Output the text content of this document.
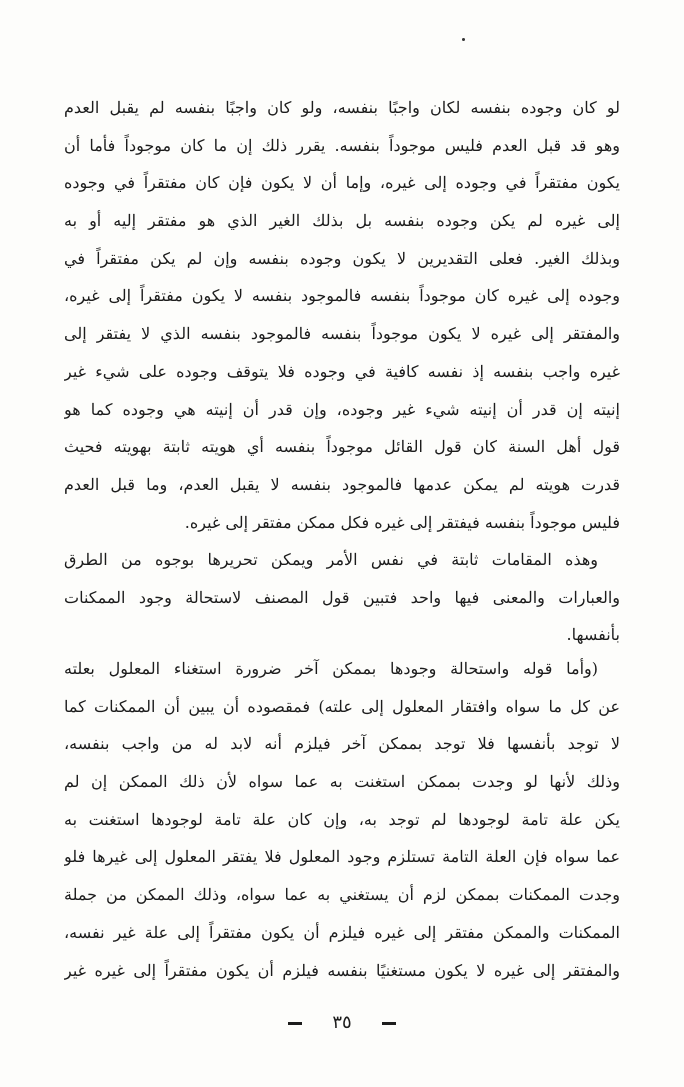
لو كان وجوده بنفسه لكان واجبًا بنفسه، ولو كان واجبًا بنفسه لم يقبل العدم
وهو قد قبل العدم فليس موجوداً بنفسه. يقرر ذلك إن ما كان موجوداً فأما أن
يكون مفتقراً في وجوده إلى غيره، وإما أن لا يكون فإن كان مفتقراً في وجوده
إلى غيره لم يكن وجوده بنفسه بل بذلك الغير الذي هو مفتقر إليه أو به
وبذلك الغير. فعلى التقديرين لا يكون وجوده بنفسه وإن لم يكن مفتقراً في
وجوده إلى غيره كان موجوداً بنفسه فالموجود بنفسه لا يكون مفتقراً إلى غيره،
والمفتقر إلى غيره لا يكون موجوداً بنفسه فالموجود بنفسه الذي لا يفتقر إلى
غيره واجب بنفسه إذ نفسه كافية في وجوده فلا يتوقف وجوده على شيء غير
إنيته إن قدر أن إنيته شيء غير وجوده، وإن قدر أن إنيته هي وجوده كما هو
قول أهل السنة كان قول القائل موجوداً بنفسه أي هويته ثابتة بهويته فحيث
قدرت هويته لم يمكن عدمها فالموجود بنفسه لا يقبل العدم، وما قبل العدم
فليس موجوداً بنفسه فيفتقر إلى غيره فكل ممكن مفتقر إلى غيره.
وهذه المقامات ثابتة في نفس الأمر ويمكن تحريرها بوجوه من الطرق
والعبارات والمعنى فيها واحد فتبين قول المصنف لاستحالة وجود الممكنات
بأنفسها.
(وأما قوله واستحالة وجودها بممكن آخر ضرورة استغناء المعلول بعلته
عن كل ما سواه وافتقار المعلول إلى علته) فمقصوده أن يبين أن الممكنات كما
لا توجد بأنفسها فلا توجد بممكن آخر فيلزم أنه لابد له من واجب بنفسه،
وذلك لأنها لو وجدت بممكن استغنت به عما سواه لأن ذلك الممكن إن لم
يكن علة تامة لوجودها لم توجد به، وإن كان علة تامة لوجودها استغنت به
عما سواه فإن العلة التامة تستلزم وجود المعلول فلا يفتقر المعلول إلى غيرها فلو
وجدت الممكنات بممكن لزم أن يستغني به عما سواه، وذلك الممكن من جملة
الممكنات والممكن مفتقر إلى غيره فيلزم أن يكون مفتقراً إلى علة غير نفسه،
والمفتقر إلى غيره لا يكون مستغنيًا بنفسه فيلزم أن يكون مفتقراً إلى غيره غير
٣٥
